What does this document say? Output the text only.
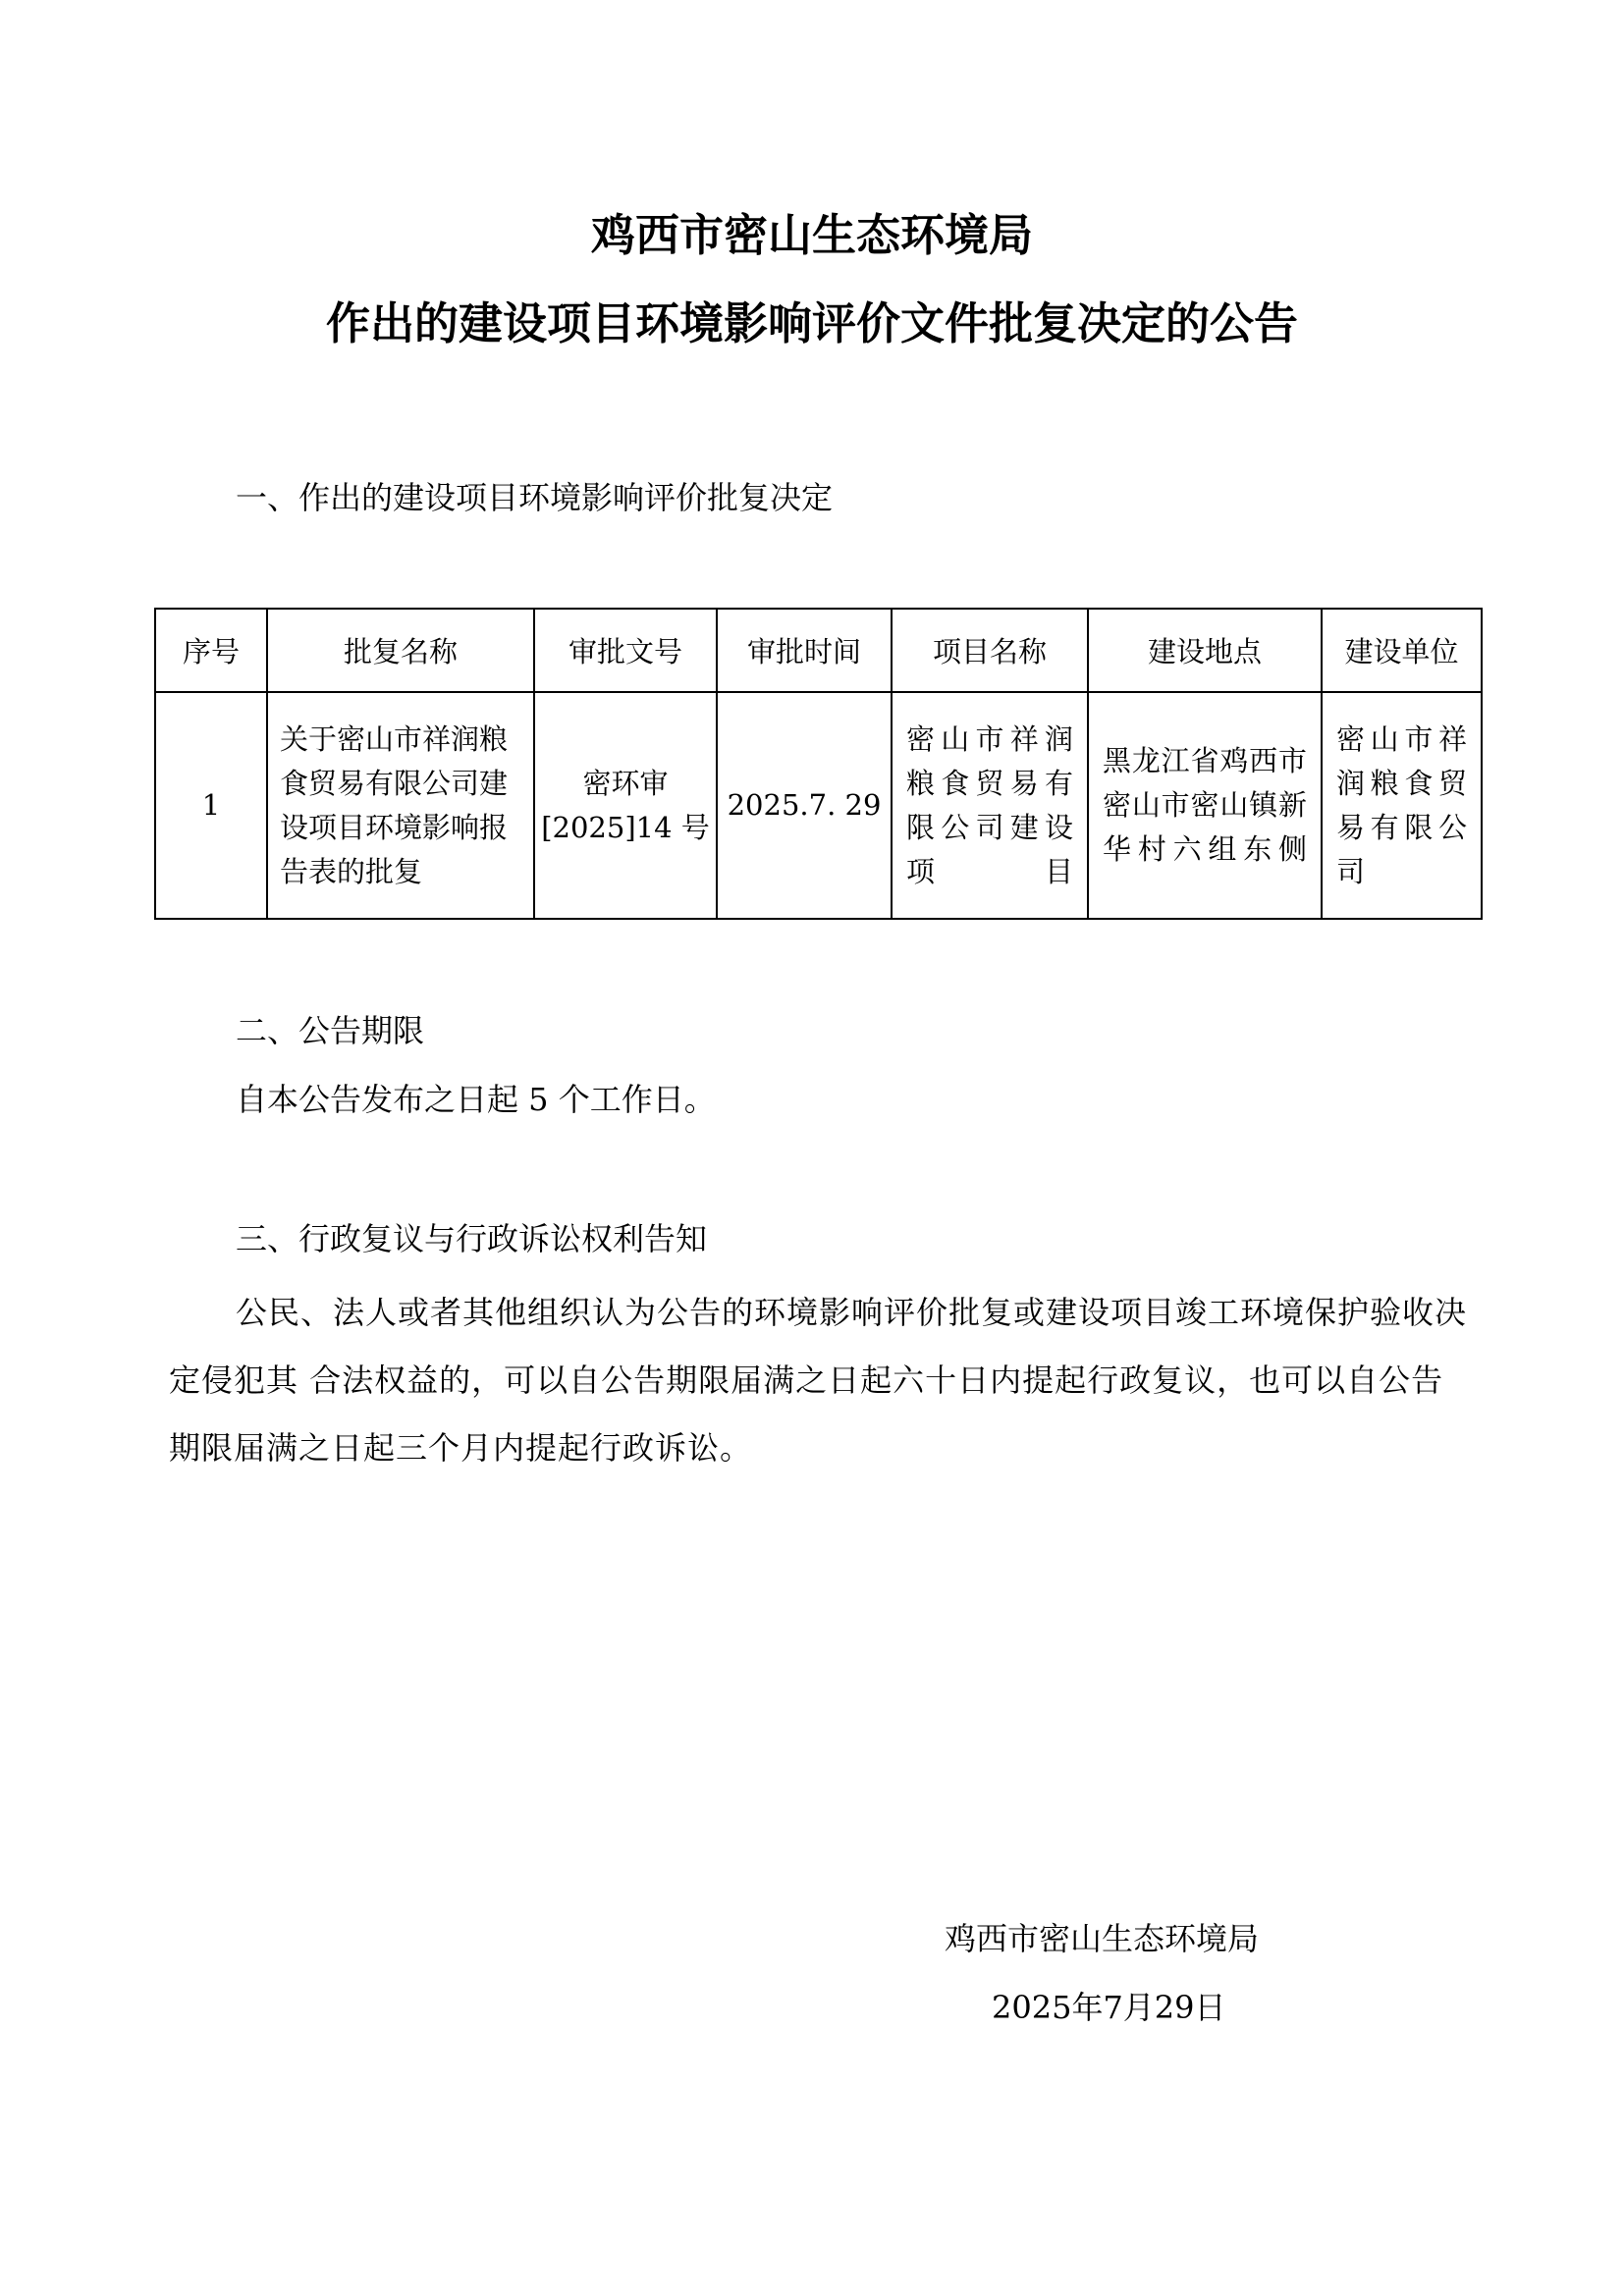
鸡西市密山生态环境局
作出的建设项目环境影响评价文件批复决定的公告

一、作出的建设项目环境影响评价批复决定

序号	批复名称	审批文号	审批时间	项目名称	建设地点	建设单位
1	关于密山市祥润粮食贸易有限公司建设项目环境影响报告表的批复	密环审[2025]14 号	2025.7. 29	密山市祥润粮食贸易有限公司建设项目	黑龙江省鸡西市密山市密山镇新华村六组东侧	密山市祥润粮食贸易有限公司

二、公告期限

自本公告发布之日起 5 个工作日。

三、行政复议与行政诉讼权利告知

公民、法人或者其他组织认为公告的环境影响评价批复或建设项目竣工环境保护验收决定侵犯其 合法权益的，可以自公告期限届满之日起六十日内提起行政复议，也可以自公告期限届满之日起三个月内提起行政诉讼。

鸡西市密山生态环境局

2025年7月29日
